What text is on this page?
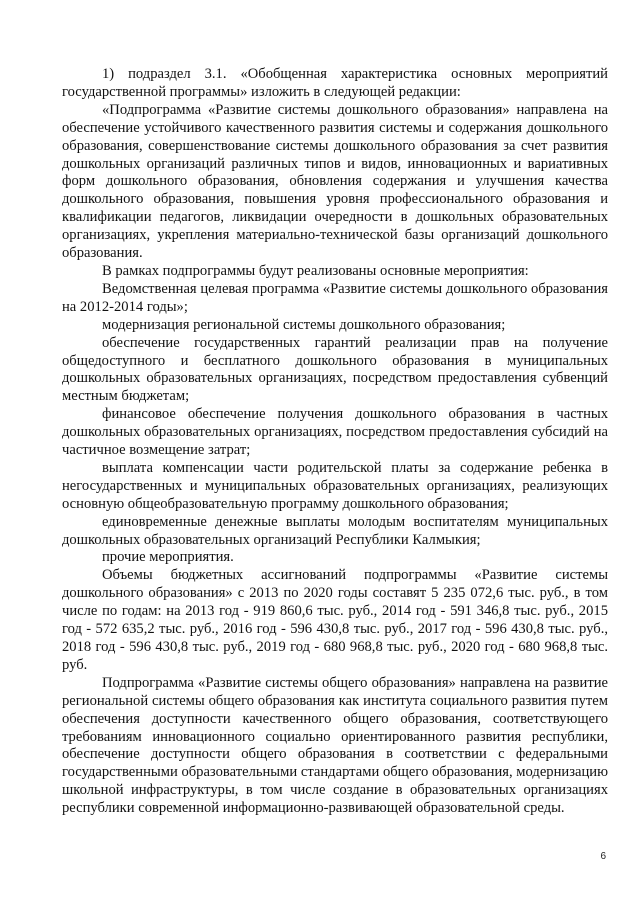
1) подраздел 3.1. «Обобщенная характеристика основных мероприятий государственной программы» изложить в следующей редакции:

«Подпрограмма «Развитие системы дошкольного образования» направлена на обеспечение устойчивого качественного развития системы и содержания дошкольного образования, совершенствование системы дошкольного образования за счет развития дошкольных организаций различных типов и видов, инновационных и вариативных форм дошкольного образования, обновления содержания и улучшения качества дошкольного образования, повышения уровня профессионального образования и квалификации педагогов, ликвидации очередности в дошкольных образовательных организациях, укрепления материально-технической базы организаций дошкольного образования.

В рамках подпрограммы будут реализованы основные мероприятия:

Ведомственная целевая программа «Развитие системы дошкольного образования на 2012-2014 годы»;

модернизация региональной системы дошкольного образования;

обеспечение государственных гарантий реализации прав на получение общедоступного и бесплатного дошкольного образования в муниципальных дошкольных образовательных организациях, посредством предоставления субвенций местным бюджетам;

финансовое обеспечение получения дошкольного образования в частных дошкольных образовательных организациях, посредством предоставления субсидий на частичное возмещение затрат;

выплата компенсации части родительской платы за содержание ребенка в негосударственных и муниципальных образовательных организациях, реализующих основную общеобразовательную программу дошкольного образования;

единовременные денежные выплаты молодым воспитателям муниципальных дошкольных образовательных организаций Республики Калмыкия;

прочие мероприятия.

Объемы бюджетных ассигнований подпрограммы «Развитие системы дошкольного образования» с 2013 по 2020 годы составят 5 235 072,6 тыс. руб., в том числе по годам: на 2013 год - 919 860,6 тыс. руб., 2014 год - 591 346,8 тыс. руб., 2015 год - 572 635,2 тыс. руб., 2016 год - 596 430,8 тыс. руб., 2017 год - 596 430,8 тыс. руб., 2018 год - 596 430,8 тыс. руб., 2019 год - 680 968,8 тыс. руб., 2020 год - 680 968,8 тыс. руб.

Подпрограмма «Развитие системы общего образования» направлена на развитие региональной системы общего образования как института социального развития путем обеспечения доступности качественного общего образования, соответствующего требованиям инновационного социально ориентированного развития республики, обеспечение доступности общего образования в соответствии с федеральными государственными образовательными стандартами общего образования, модернизацию школьной инфраструктуры, в том числе создание в образовательных организациях республики современной информационно-развивающей образовательной среды.

6
